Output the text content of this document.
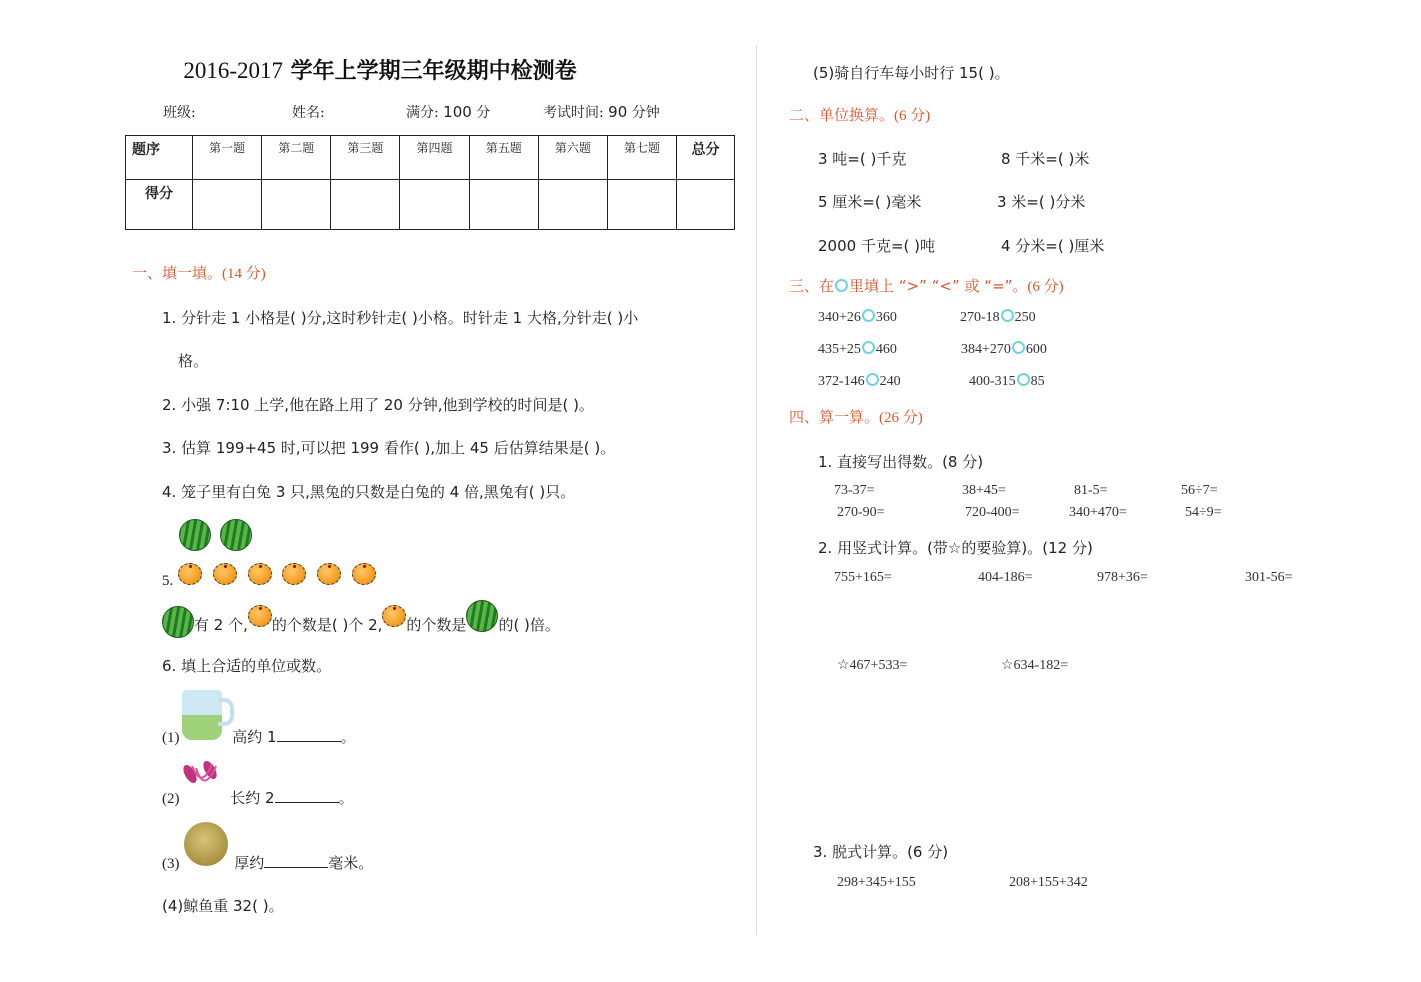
2016-2017 学年上学期三年级期中检测卷
班级:	姓名:	满分: 100 分	考试时间: 90 分钟
题序	第一题	第二题	第三题	第四题	第五题	第六题	第七题	总分
得分								
一、填一填。(14 分)
1. 分针走 1 小格是( )分,这时秒针走( )小格。时针走 1 大格,分针走( )小
格。
2. 小强 7:10 上学,他在路上用了 20 分钟,他到学校的时间是( )。
3. 估算 199+45 时,可以把 199 看作( ),加上 45 后估算结果是( )。
4. 笼子里有白兔 3 只,黑兔的只数是白兔的 4 倍,黑兔有( )只。

5.
有 2 个, 的个数是( )个 2, 的个数是 的( )倍。
6. 填上合适的单位或数。
(1)	高约 1	。
(2)	长约 2	。
(3)	厚约	毫米。
(4)鲸鱼重 32( )。
(5)骑自行车每小时行 15( )。
二、单位换算。(6 分)
3 吨=( )千克	8 千米=( )米
5 厘米=( )毫米	3 米=( )分米
2000 千克=( )吨	4 分米=( )厘米
三、在 里填上 “>” “<” 或 “=”。(6 分)
340+26 360	270-18 250
435+25 460	384+270 600
372-146 240	400-315 85
四、算一算。(26 分)
1. 直接写出得数。(8 分)
73-37=	38+45=	81-5=	56÷7=
270-90=	720-400=	340+470=	54÷9=
2. 用竖式计算。(带☆的要验算)。(12 分)
755+165=	404-186=	978+36=	301-56=
☆467+533=	☆634-182=
3. 脱式计算。(6 分)
298+345+155	208+155+342
